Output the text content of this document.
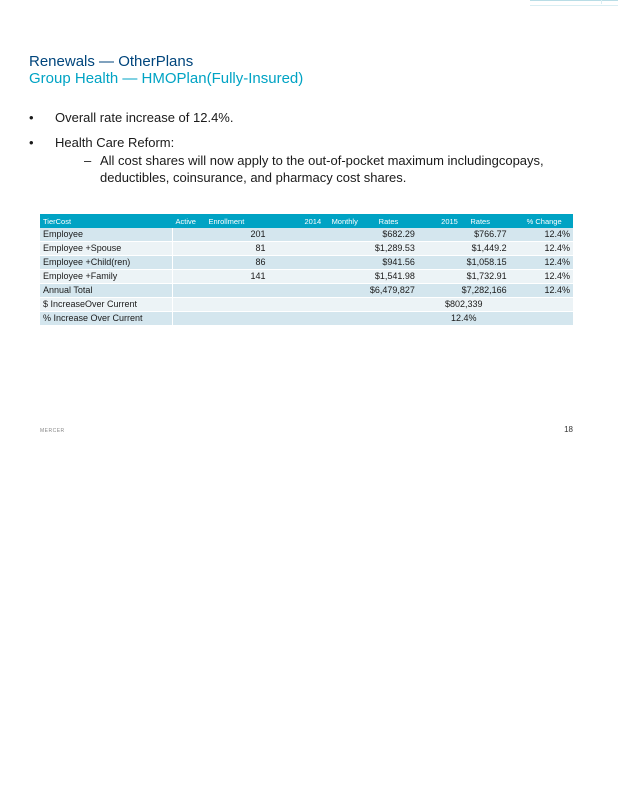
Renewals — OtherPlans
Group Health — HMOPlan(Fully-Insured)
• Overall rate increase of 12.4%.
• Health Care Reform:
– All cost shares will now apply to the out-of-pocket maximum includingcopays, deductibles, coinsurance, and pharmacy cost shares.
TierCost	Active Enrollment	2014 Monthly Rates	2015 Rates	% Change
Employee	201	$682.29	$766.77	12.4%
Employee +Spouse	81	$1,289.53	$1,449.2	12.4%
Employee +Child(ren)	86	$941.56	$1,058.15	12.4%
Employee +Family	141	$1,541.98	$1,732.91	12.4%
Annual Total		$6,479,827	$7,282,166	12.4%
$ IncreaseOver Current			$802,339	
% Increase Over Current			12.4%	
MERCER	18
